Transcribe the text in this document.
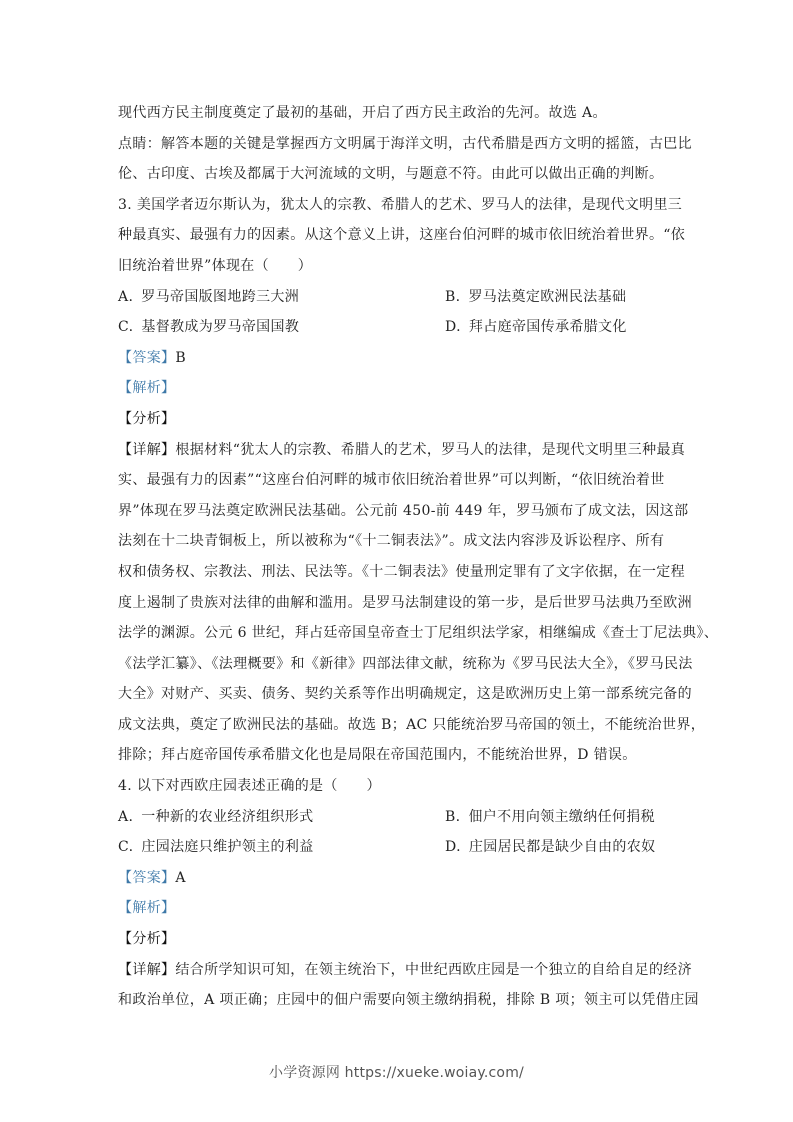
现代西方民主制度奠定了最初的基础，开启了西方民主政治的先河。故选 A。
点睛：解答本题的关键是掌握西方文明属于海洋文明，古代希腊是西方文明的摇篮，古巴比
伦、古印度、古埃及都属于大河流域的文明，与题意不符。由此可以做出正确的判断。
3. 美国学者迈尔斯认为，犹太人的宗教、希腊人的艺术、罗马人的法律，是现代文明里三
种最真实、最强有力的因素。从这个意义上讲，这座台伯河畔的城市依旧统治着世界。“依
旧统治着世界”体现在（　　）
A. 罗马帝国版图地跨三大洲	B. 罗马法奠定欧洲民法基础
C. 基督教成为罗马帝国国教	D. 拜占庭帝国传承希腊文化
【答案】B
【解析】
【分析】
【详解】根据材料“犹太人的宗教、希腊人的艺术，罗马人的法律，是现代文明里三种最真
实、最强有力的因素”“这座台伯河畔的城市依旧统治着世界”可以判断，“依旧统治着世
界”体现在罗马法奠定欧洲民法基础。公元前 450-前 449 年，罗马颁布了成文法，因这部
法刻在十二块青铜板上，所以被称为“《十二铜表法》”。成文法内容涉及诉讼程序、所有
权和债务权、宗教法、刑法、民法等。《十二铜表法》使量刑定罪有了文字依据，在一定程
度上遏制了贵族对法律的曲解和滥用。是罗马法制建设的第一步，是后世罗马法典乃至欧洲
法学的渊源。公元 6 世纪，拜占廷帝国皇帝查士丁尼组织法学家，相继编成《查士丁尼法典》、
《法学汇纂》、《法理概要》和《新律》四部法律文献，统称为《罗马民法大全》，《罗马民法
大全》对财产、买卖、债务、契约关系等作出明确规定，这是欧洲历史上第一部系统完备的
成文法典，奠定了欧洲民法的基础。故选 B；AC 只能统治罗马帝国的领土，不能统治世界，
排除；拜占庭帝国传承希腊文化也是局限在帝国范围内，不能统治世界，D 错误。
4. 以下对西欧庄园表述正确的是（　　）
A. 一种新的农业经济组织形式	B. 佃户不用向领主缴纳任何捐税
C. 庄园法庭只维护领主的利益	D. 庄园居民都是缺少自由的农奴
【答案】A
【解析】
【分析】
【详解】结合所学知识可知，在领主统治下，中世纪西欧庄园是一个独立的自给自足的经济
和政治单位，A 项正确；庄园中的佃户需要向领主缴纳捐税，排除 B 项；领主可以凭借庄园
小学资源网 https://xueke.woiay.com/
